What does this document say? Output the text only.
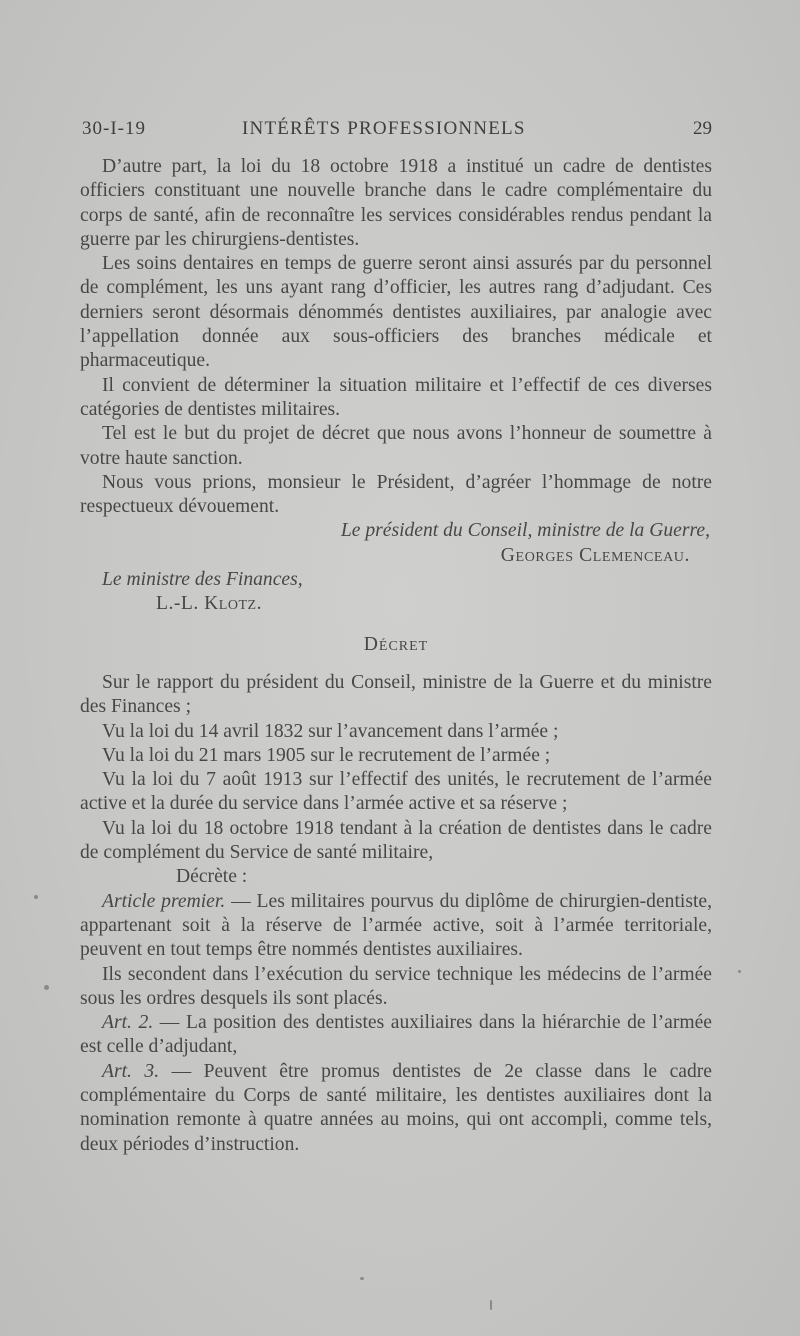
30-I-19	INTÉRÊTS PROFESSIONNELS	29

D’autre part, la loi du 18 octobre 1918 a institué un cadre de dentistes officiers constituant une nouvelle branche dans le cadre complémentaire du corps de santé, afin de reconnaître les services considérables rendus pendant la guerre par les chirurgiens-dentistes.

Les soins dentaires en temps de guerre seront ainsi assurés par du personnel de complément, les uns ayant rang d’officier, les autres rang d’adjudant. Ces derniers seront désormais dénommés dentistes auxiliaires, par analogie avec l’appellation donnée aux sous-officiers des branches médicale et pharmaceutique.

Il convient de déterminer la situation militaire et l’effectif de ces diverses catégories de dentistes militaires.

Tel est le but du projet de décret que nous avons l’honneur de soumettre à votre haute sanction.

Nous vous prions, monsieur le Président, d’agréer l’hommage de notre respectueux dévouement.

Le président du Conseil, ministre de la Guerre,
Georges Clemenceau.
Le ministre des Finances,
L.-L. Klotz.
Décret

Sur le rapport du président du Conseil, ministre de la Guerre et du ministre des Finances ;

Vu la loi du 14 avril 1832 sur l’avancement dans l’armée ;

Vu la loi du 21 mars 1905 sur le recrutement de l’armée ;

Vu la loi du 7 août 1913 sur l’effectif des unités, le recrutement de l’armée active et la durée du service dans l’armée active et sa réserve ;

Vu la loi du 18 octobre 1918 tendant à la création de dentistes dans le cadre de complément du Service de santé militaire,

Décrète :

Article premier. — Les militaires pourvus du diplôme de chirurgien-dentiste, appartenant soit à la réserve de l’armée active, soit à l’armée territoriale, peuvent en tout temps être nommés dentistes auxiliaires.

Ils secondent dans l’exécution du service technique les médecins de l’armée sous les ordres desquels ils sont placés.

Art. 2. — La position des dentistes auxiliaires dans la hiérarchie de l’armée est celle d’adjudant,

Art. 3. — Peuvent être promus dentistes de 2e classe dans le cadre complémentaire du Corps de santé militaire, les dentistes auxiliaires dont la nomination remonte à quatre années au moins, qui ont accompli, comme tels, deux périodes d’instruction.
